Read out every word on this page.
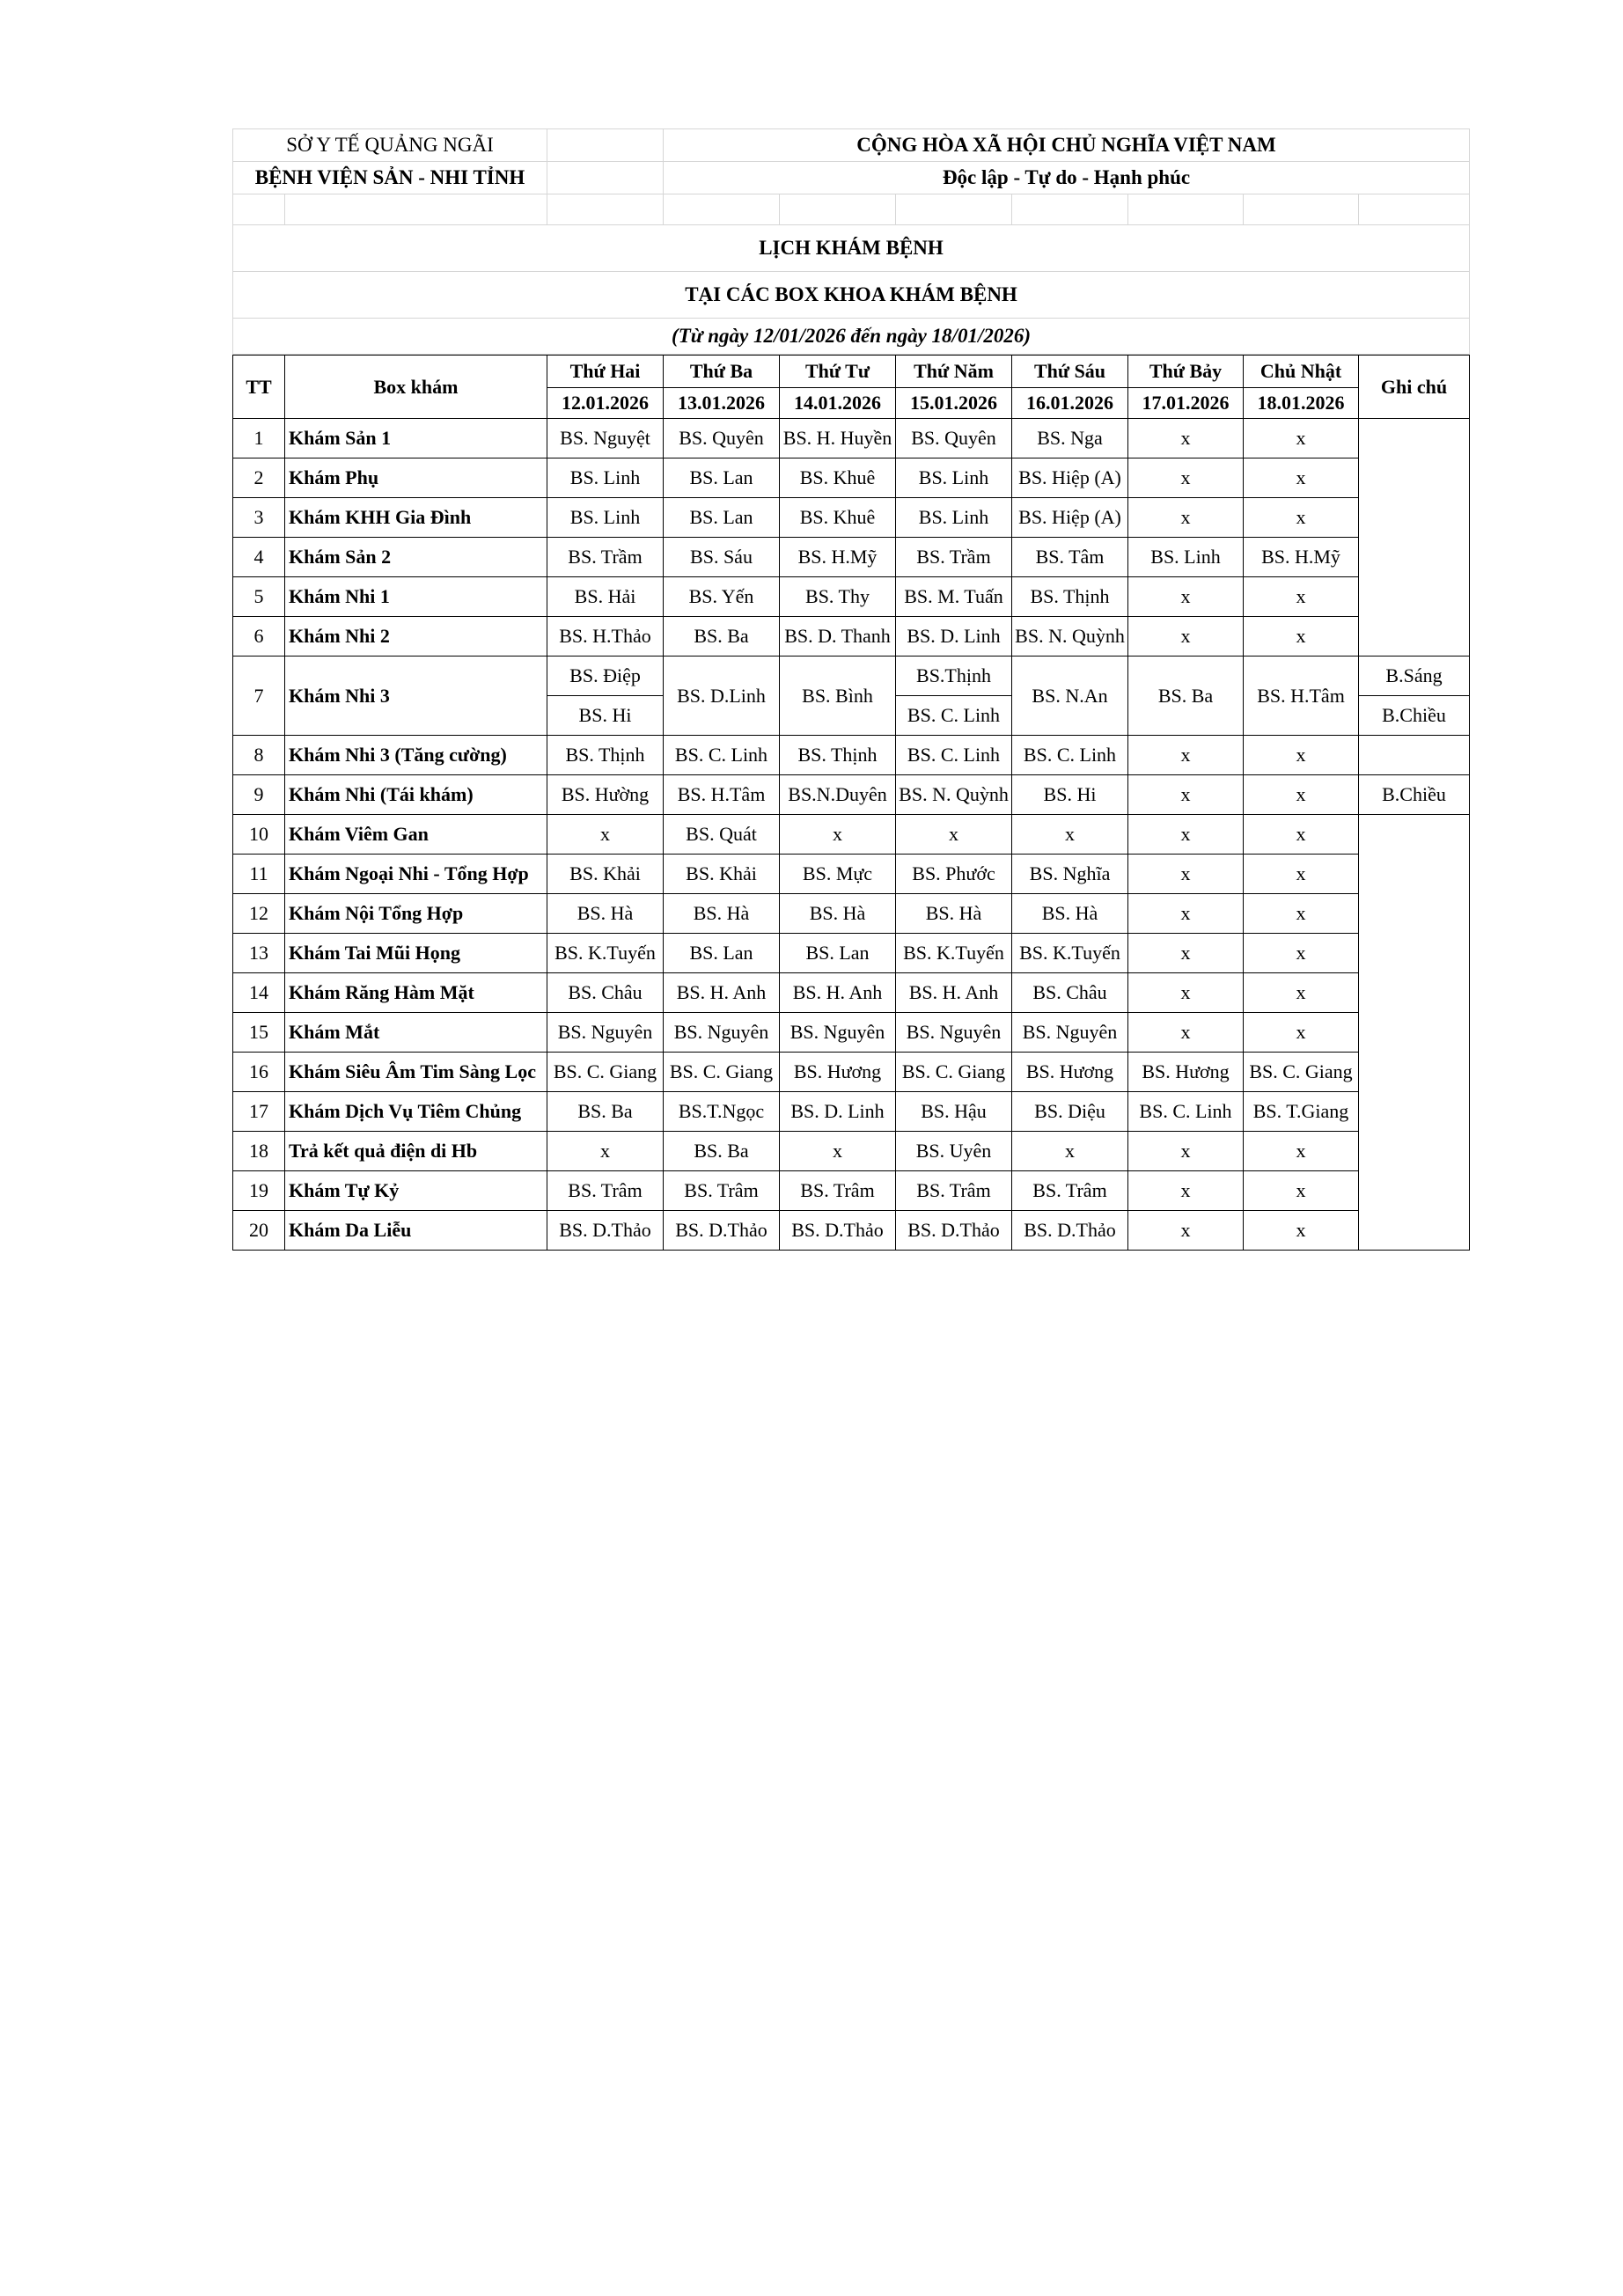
SỞ Y TẾ QUẢNG NGÃI			CỘNG HÒA XÃ HỘI CHỦ NGHĨA VIỆT NAM						
BỆNH VIỆN SẢN - NHI TỈNH			Độc lập - Tự do - Hạnh phúc						

LỊCH KHÁM BỆNH									
TẠI CÁC BOX KHOA KHÁM BỆNH									
(Từ ngày 12/01/2026 đến ngày 18/01/2026)									
TT	Box khám	Thứ Hai	Thứ Ba	Thứ Tư	Thứ Năm	Thứ Sáu	Thứ Bảy	Chủ Nhật	Ghi chú
		12.01.2026	13.01.2026	14.01.2026	15.01.2026	16.01.2026	17.01.2026	18.01.2026	
1	Khám Sản 1	BS. Nguyệt	BS. Quyên	BS. H. Huyền	BS. Quyên	BS. Nga	x	x	
2	Khám Phụ	BS. Linh	BS. Lan	BS. Khuê	BS. Linh	BS. Hiệp (A)	x	x	
3	Khám KHH Gia Đình	BS. Linh	BS. Lan	BS. Khuê	BS. Linh	BS. Hiệp (A)	x	x	
4	Khám Sản 2	BS. Trầm	BS. Sáu	BS. H.Mỹ	BS. Trầm	BS. Tâm	BS. Linh	BS. H.Mỹ	
5	Khám Nhi 1	BS. Hải	BS. Yến	BS. Thy	BS. M. Tuấn	BS. Thịnh	x	x	
6	Khám Nhi 2	BS. H.Thảo	BS. Ba	BS. D. Thanh	BS. D. Linh	BS. N. Quỳnh	x	x	
7	Khám Nhi 3	BS. Điệp	BS. D.Linh	BS. Bình	BS.Thịnh	BS. N.An	BS. Ba	BS. H.Tâm	B.Sáng
		BS. Hi			BS. C. Linh				B.Chiều
8	Khám Nhi 3 (Tăng cường)	BS. Thịnh	BS. C. Linh	BS. Thịnh	BS. C. Linh	BS. C. Linh	x	x	
9	Khám Nhi (Tái khám)	BS. Hường	BS. H.Tâm	BS.N.Duyên	BS. N. Quỳnh	BS. Hi	x	x	B.Chiều
10	Khám Viêm Gan	x	BS. Quát	x	x	x	x	x	
11	Khám Ngoại Nhi - Tổng Hợp	BS. Khải	BS. Khải	BS. Mực	BS. Phước	BS. Nghĩa	x	x	
12	Khám Nội Tổng Hợp	BS. Hà	BS. Hà	BS. Hà	BS. Hà	BS. Hà	x	x	
13	Khám Tai Mũi Họng	BS. K.Tuyến	BS. Lan	BS. Lan	BS. K.Tuyến	BS. K.Tuyến	x	x	
14	Khám Răng Hàm Mặt	BS. Châu	BS. H. Anh	BS. H. Anh	BS. H. Anh	BS. Châu	x	x	
15	Khám Mắt	BS. Nguyên	BS. Nguyên	BS. Nguyên	BS. Nguyên	BS. Nguyên	x	x	
16	Khám Siêu Âm Tim Sàng Lọc	BS. C. Giang	BS. C. Giang	BS. Hương	BS. C. Giang	BS. Hương	BS. Hương	BS. C. Giang	
17	Khám Dịch Vụ Tiêm Chủng	BS. Ba	BS.T.Ngọc	BS. D. Linh	BS. Hậu	BS. Diệu	BS. C. Linh	BS. T.Giang	
18	Trả kết quả điện di Hb	x	BS. Ba	x	BS. Uyên	x	x	x	
19	Khám Tự Kỷ	BS. Trâm	BS. Trâm	BS. Trâm	BS. Trâm	BS. Trâm	x	x	
20	Khám Da Liễu	BS. D.Thảo	BS. D.Thảo	BS. D.Thảo	BS. D.Thảo	BS. D.Thảo	x	x	
